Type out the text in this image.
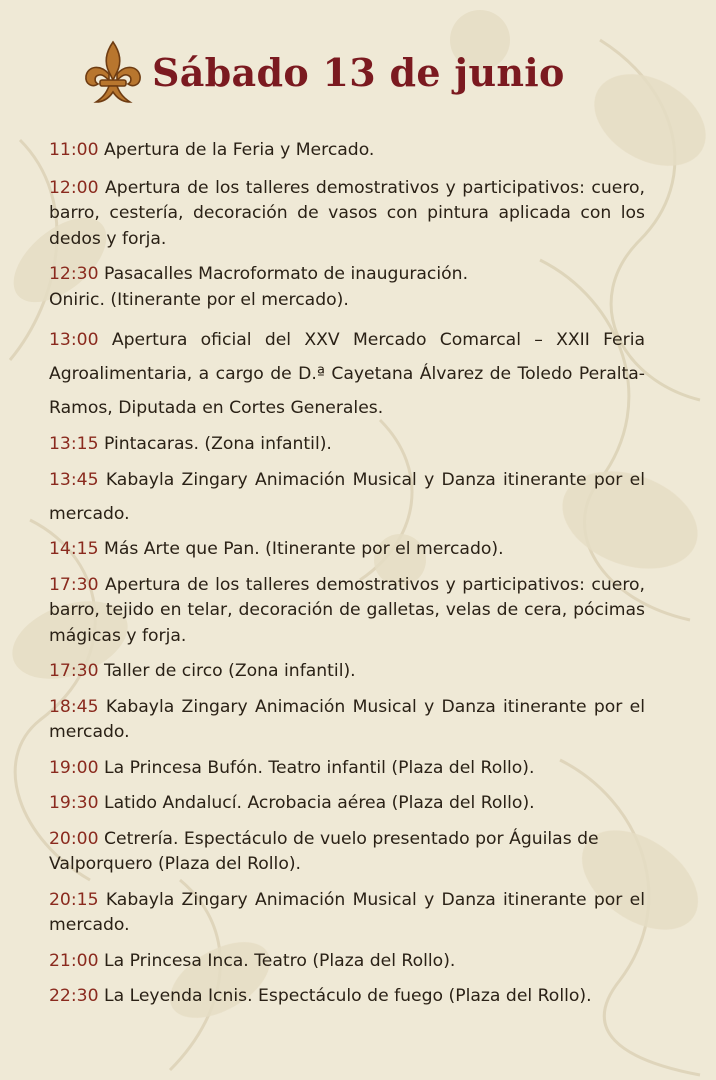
Sábado 13 de junio
11:00 Apertura de la Feria y Mercado.
12:00 Apertura de los talleres demostrativos y participativos: cuero, barro, cestería, decoración de vasos con pintura aplicada con los dedos y forja.
12:30 Pasacalles Macroformato de inauguración.
Oniric. (Itinerante por el mercado).
13:00 Apertura oficial del XXV Mercado Comarcal – XXII Feria Agroalimentaria, a cargo de D.ª Cayetana Álvarez de Toledo Peralta-Ramos, Diputada en Cortes Generales.
13:15 Pintacaras. (Zona infantil).
13:45 Kabayla Zingary Animación Musical y Danza itinerante por el mercado.
14:15 Más Arte que Pan. (Itinerante por el mercado).
17:30 Apertura de los talleres demostrativos y participativos: cuero, barro, tejido en telar, decoración de galletas, velas de cera, pócimas mágicas y forja.
17:30 Taller de circo (Zona infantil).
18:45 Kabayla Zingary Animación Musical y Danza itinerante por el mercado.
19:00 La Princesa Bufón. Teatro infantil (Plaza del Rollo).
19:30 Latido Andalucí. Acrobacia aérea (Plaza del Rollo).
20:00 Cetrería. Espectáculo de vuelo presentado por Águilas de Valporquero (Plaza del Rollo).
20:15 Kabayla Zingary Animación Musical y Danza itinerante por el mercado.
21:00 La Princesa Inca. Teatro (Plaza del Rollo).
22:30 La Leyenda Icnis. Espectáculo de fuego (Plaza del Rollo).
